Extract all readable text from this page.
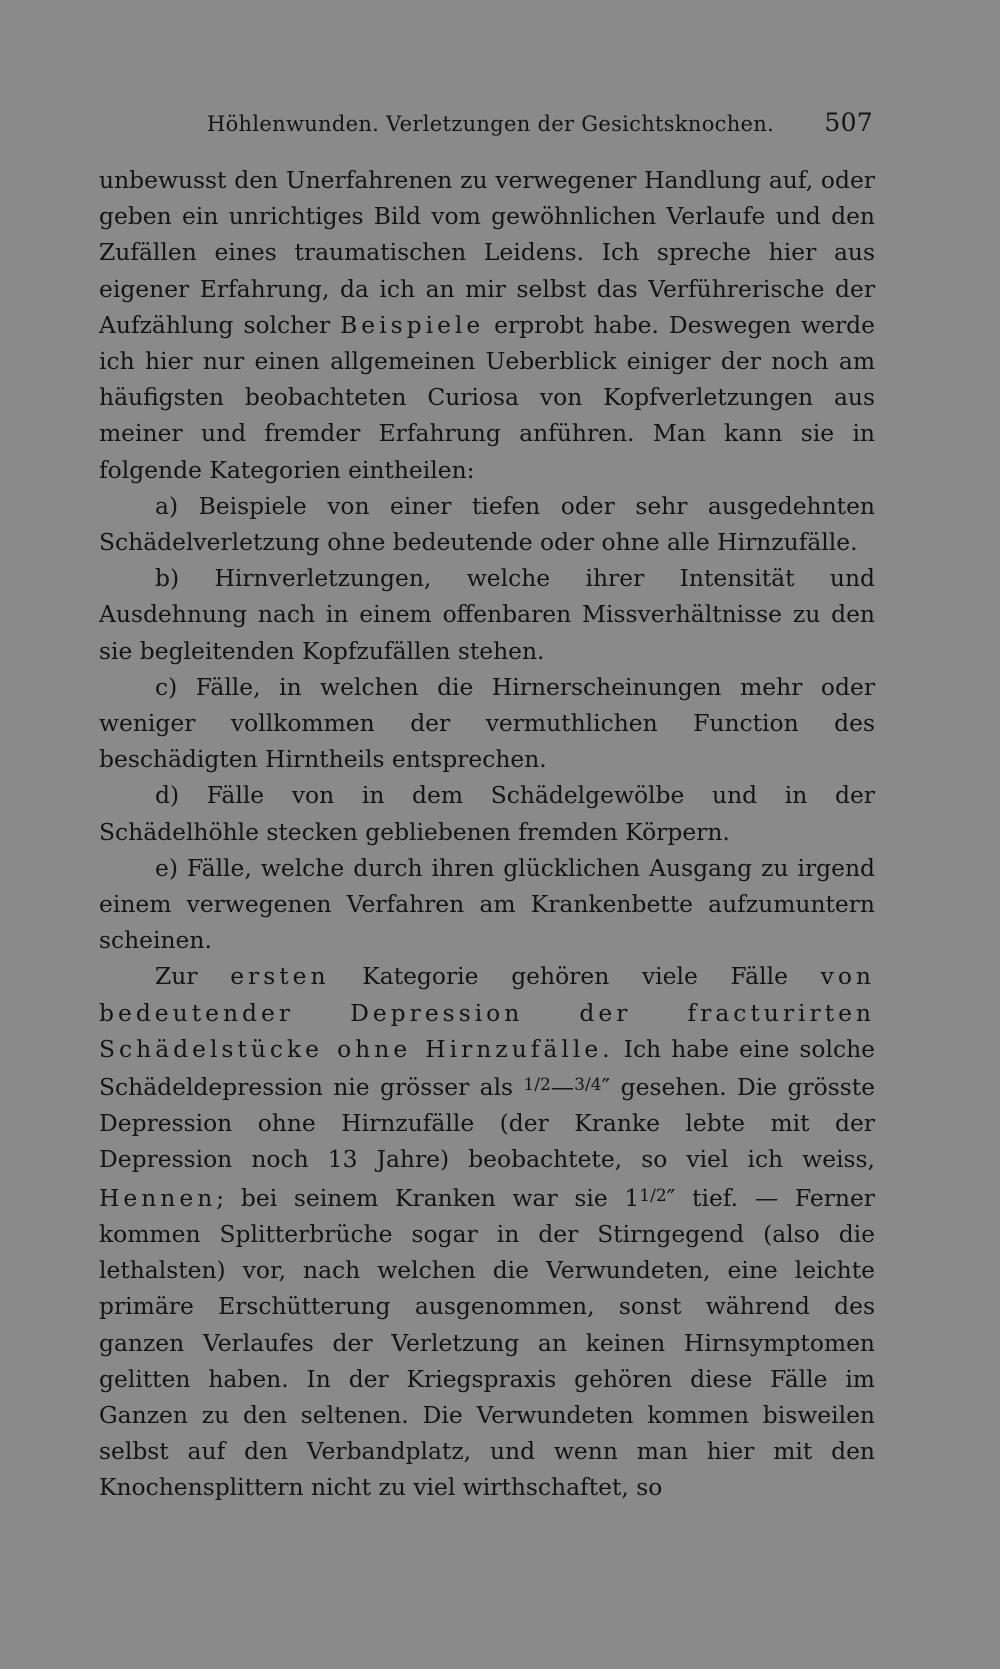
Höhlenwunden. Verletzungen der Gesichtsknochen. 507

unbewusst den Unerfahrenen zu verwegener Handlung auf, oder geben ein unrichtiges Bild vom gewöhnlichen Verlaufe und den Zufällen eines traumatischen Leidens. Ich spreche hier aus eigener Erfahrung, da ich an mir selbst das Verführerische der Aufzählung solcher Beispiele erprobt habe. Deswegen werde ich hier nur einen allgemeinen Ueberblick einiger der noch am häufigsten beobachteten Curiosa von Kopfverletzungen aus meiner und fremder Erfahrung anführen. Man kann sie in folgende Kategorien eintheilen:

a) Beispiele von einer tiefen oder sehr ausgedehnten Schädelverletzung ohne bedeutende oder ohne alle Hirnzufälle.

b) Hirnverletzungen, welche ihrer Intensität und Ausdehnung nach in einem offenbaren Missverhältnisse zu den sie begleitenden Kopfzufällen stehen.

c) Fälle, in welchen die Hirnerscheinungen mehr oder weniger vollkommen der vermuthlichen Function des beschädigten Hirntheils entsprechen.

d) Fälle von in dem Schädelgewölbe und in der Schädelhöhle stecken gebliebenen fremden Körpern.

e) Fälle, welche durch ihren glücklichen Ausgang zu irgend einem verwegenen Verfahren am Krankenbette aufzumuntern scheinen.

Zur ersten Kategorie gehören viele Fälle von bedeutender Depression der fracturirten Schädelstücke ohne Hirnzufälle. Ich habe eine solche Schädeldepression nie grösser als $^{1/2}$—$^{3/4}$″ gesehen. Die grösste Depression ohne Hirnzufälle (der Kranke lebte mit der Depression noch 13 Jahre) beobachtete, so viel ich weiss, Hennen; bei seinem Kranken war sie $1^{1/2}''$ tief. — Ferner kommen Splitterbrüche sogar in der Stirngegend (also die lethalsten) vor, nach welchen die Verwundeten, eine leichte primäre Erschütterung ausgenommen, sonst während des ganzen Verlaufes der Verletzung an keinen Hirnsymptomen gelitten haben. In der Kriegspraxis gehören diese Fälle im Ganzen zu den seltenen. Die Verwundeten kommen bisweilen selbst auf den Verbandplatz, und wenn man hier mit den Knochensplittern nicht zu viel wirthschaftet, so
